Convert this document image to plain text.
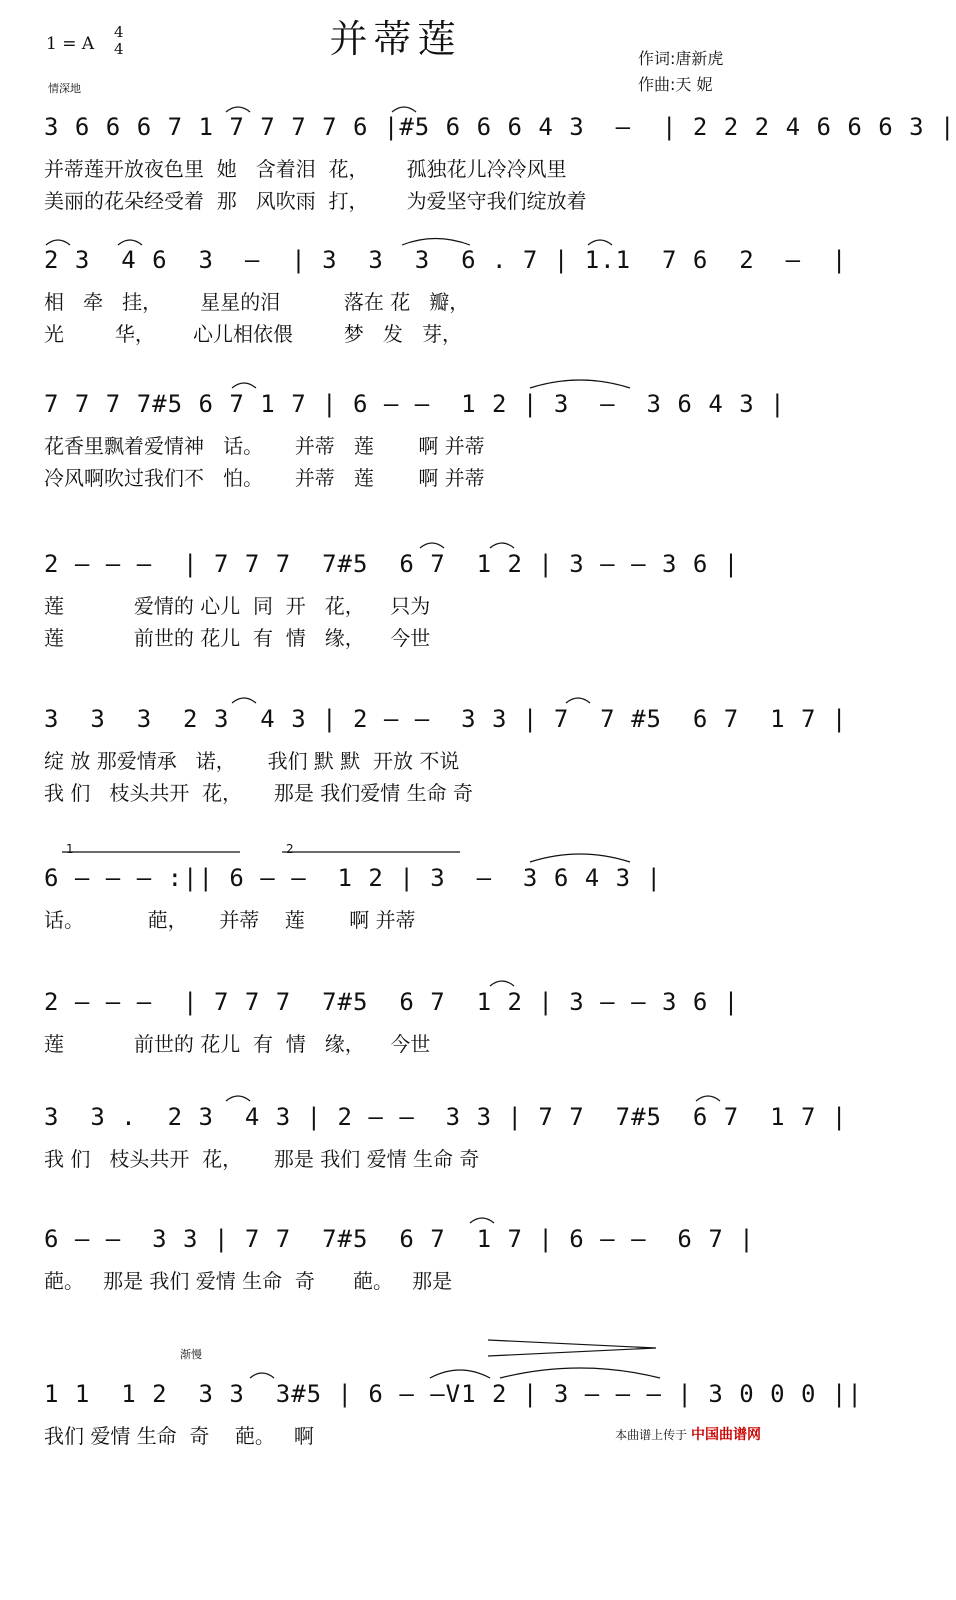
并蒂莲
1 = A
4
4
情深地
作词:唐新虎
作曲:天 妮
3 6 6 6 7 1 7 7 7 7 6 |#5 6 6 6 4 3  —  | 2 2 2 4 6 6 6 3 |
并蒂莲开放夜色里  她   含着泪  花，      孤独花儿冷冷风里
美丽的花朵经受着  那   风吹雨  打，      为爱坚守我们绽放着
2 3  4 6  3  —  | 3  3  3  6 . 7 | 1.1  7 6  2  —  |
相   牵   挂，      星星的泪          落在 花   瓣，
光        华，      心儿相依偎        梦   发   芽，
7 7 7 7#5 6 7 1 7 | 6 — —  1 2 | 3  —  3 6 4 3 |
花香里飘着爱情神   话。     并蒂   莲       啊 并蒂
冷风啊吹过我们不   怕。     并蒂   莲       啊 并蒂
2 — — —  | 7 7 7  7#5  6 7  1 2 | 3 — — 3 6 |
莲           爱情的 心儿  同  开   花，    只为
莲           前世的 花儿  有  情   缘，    今世
3  3  3  2 3  4 3 | 2 — —  3 3 | 7  7 #5  6 7  1 7 |
绽 放 那爱情承   诺，     我们 默 默  开放 不说
我 们   枝头共开  花，     那是 我们爱情 生命 奇
1	2
6 — — — :|| 6 — —  1 2 | 3  —  3 6 4 3 |
话。          葩，     并蒂    莲       啊 并蒂
2 — — —  | 7 7 7  7#5  6 7  1 2 | 3 — — 3 6 |
莲           前世的 花儿  有  情   缘，    今世
3  3 .  2 3  4 3 | 2 — —  3 3 | 7 7  7#5  6 7  1 7 |
我 们   枝头共开  花，     那是 我们 爱情 生命 奇
6 — —  3 3 | 7 7  7#5  6 7  1 7 | 6 — —  6 7 |
葩。   那是 我们 爱情 生命  奇      葩。   那是
渐慢
1 1  1 2  3 3  3#5 | 6 — —V1 2 | 3 — — — | 3 0 0 0 ||
我们 爱情 生命  奇    葩。   啊	本曲谱上传于 中国曲谱网
